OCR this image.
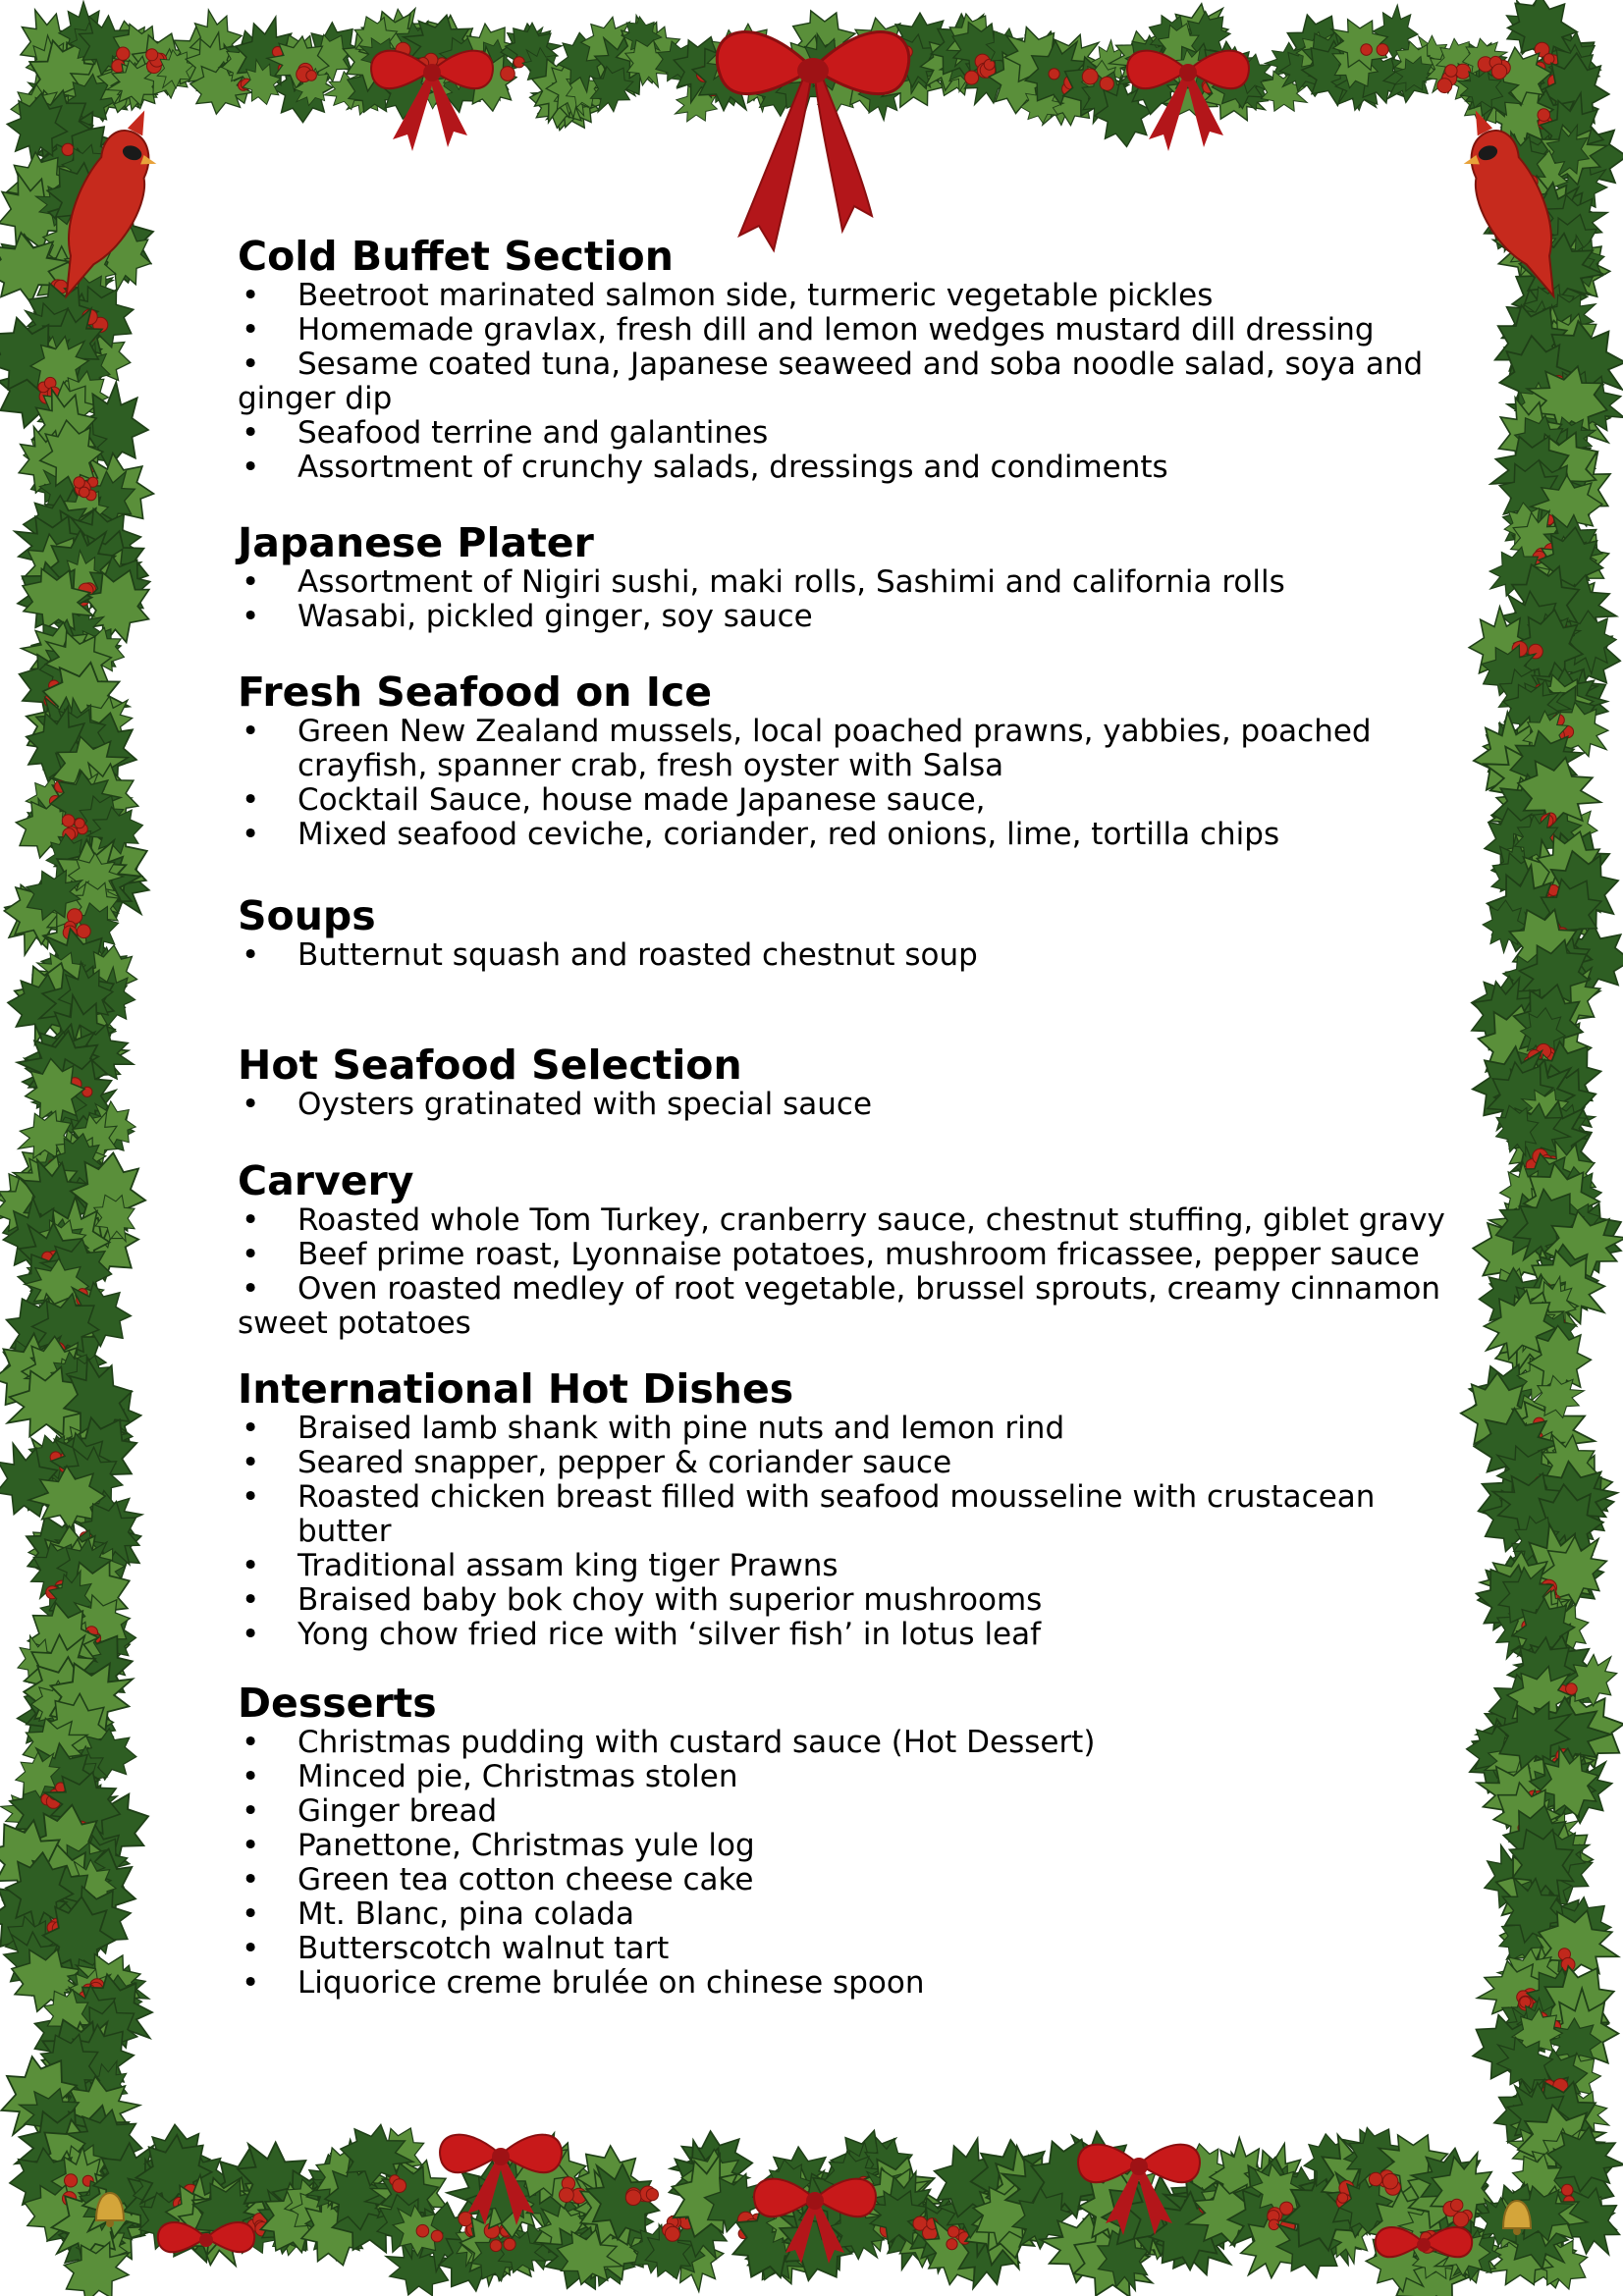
Cold Buffet Section
• Beetroot marinated salmon side, turmeric vegetable pickles
• Homemade gravlax, fresh dill and lemon wedges mustard dill dressing
• Sesame coated tuna, Japanese seaweed and soba noodle salad, soya and ginger dip
• Seafood terrine and galantines
• Assortment of crunchy salads, dressings and condiments
Japanese Plater
• Assortment of Nigiri sushi, maki rolls, Sashimi and california rolls
• Wasabi, pickled ginger, soy sauce
Fresh Seafood on Ice
• Green New Zealand mussels, local poached prawns, yabbies, poached crayfish, spanner crab, fresh oyster with Salsa
• Cocktail Sauce, house made Japanese sauce,
• Mixed seafood ceviche, coriander, red onions, lime, tortilla chips
Soups
• Butternut squash and roasted chestnut soup
Hot Seafood Selection
• Oysters gratinated with special sauce
Carvery
• Roasted whole Tom Turkey, cranberry sauce, chestnut stuffing, giblet gravy
• Beef prime roast, Lyonnaise potatoes, mushroom fricassee, pepper sauce
• Oven roasted medley of root vegetable, brussel sprouts, creamy cinnamon sweet potatoes
International Hot Dishes
• Braised lamb shank with pine nuts and lemon rind
• Seared snapper, pepper & coriander sauce
• Roasted chicken breast filled with seafood mousseline with crustacean butter
• Traditional assam king tiger Prawns
• Braised baby bok choy with superior mushrooms
• Yong chow fried rice with ‘silver fish’ in lotus leaf
Desserts
• Christmas pudding with custard sauce (Hot Dessert)
• Minced pie, Christmas stolen
• Ginger bread
• Panettone, Christmas yule log
• Green tea cotton cheese cake
• Mt. Blanc, pina colada
• Butterscotch walnut tart
• Liquorice creme brulée on chinese spoon
